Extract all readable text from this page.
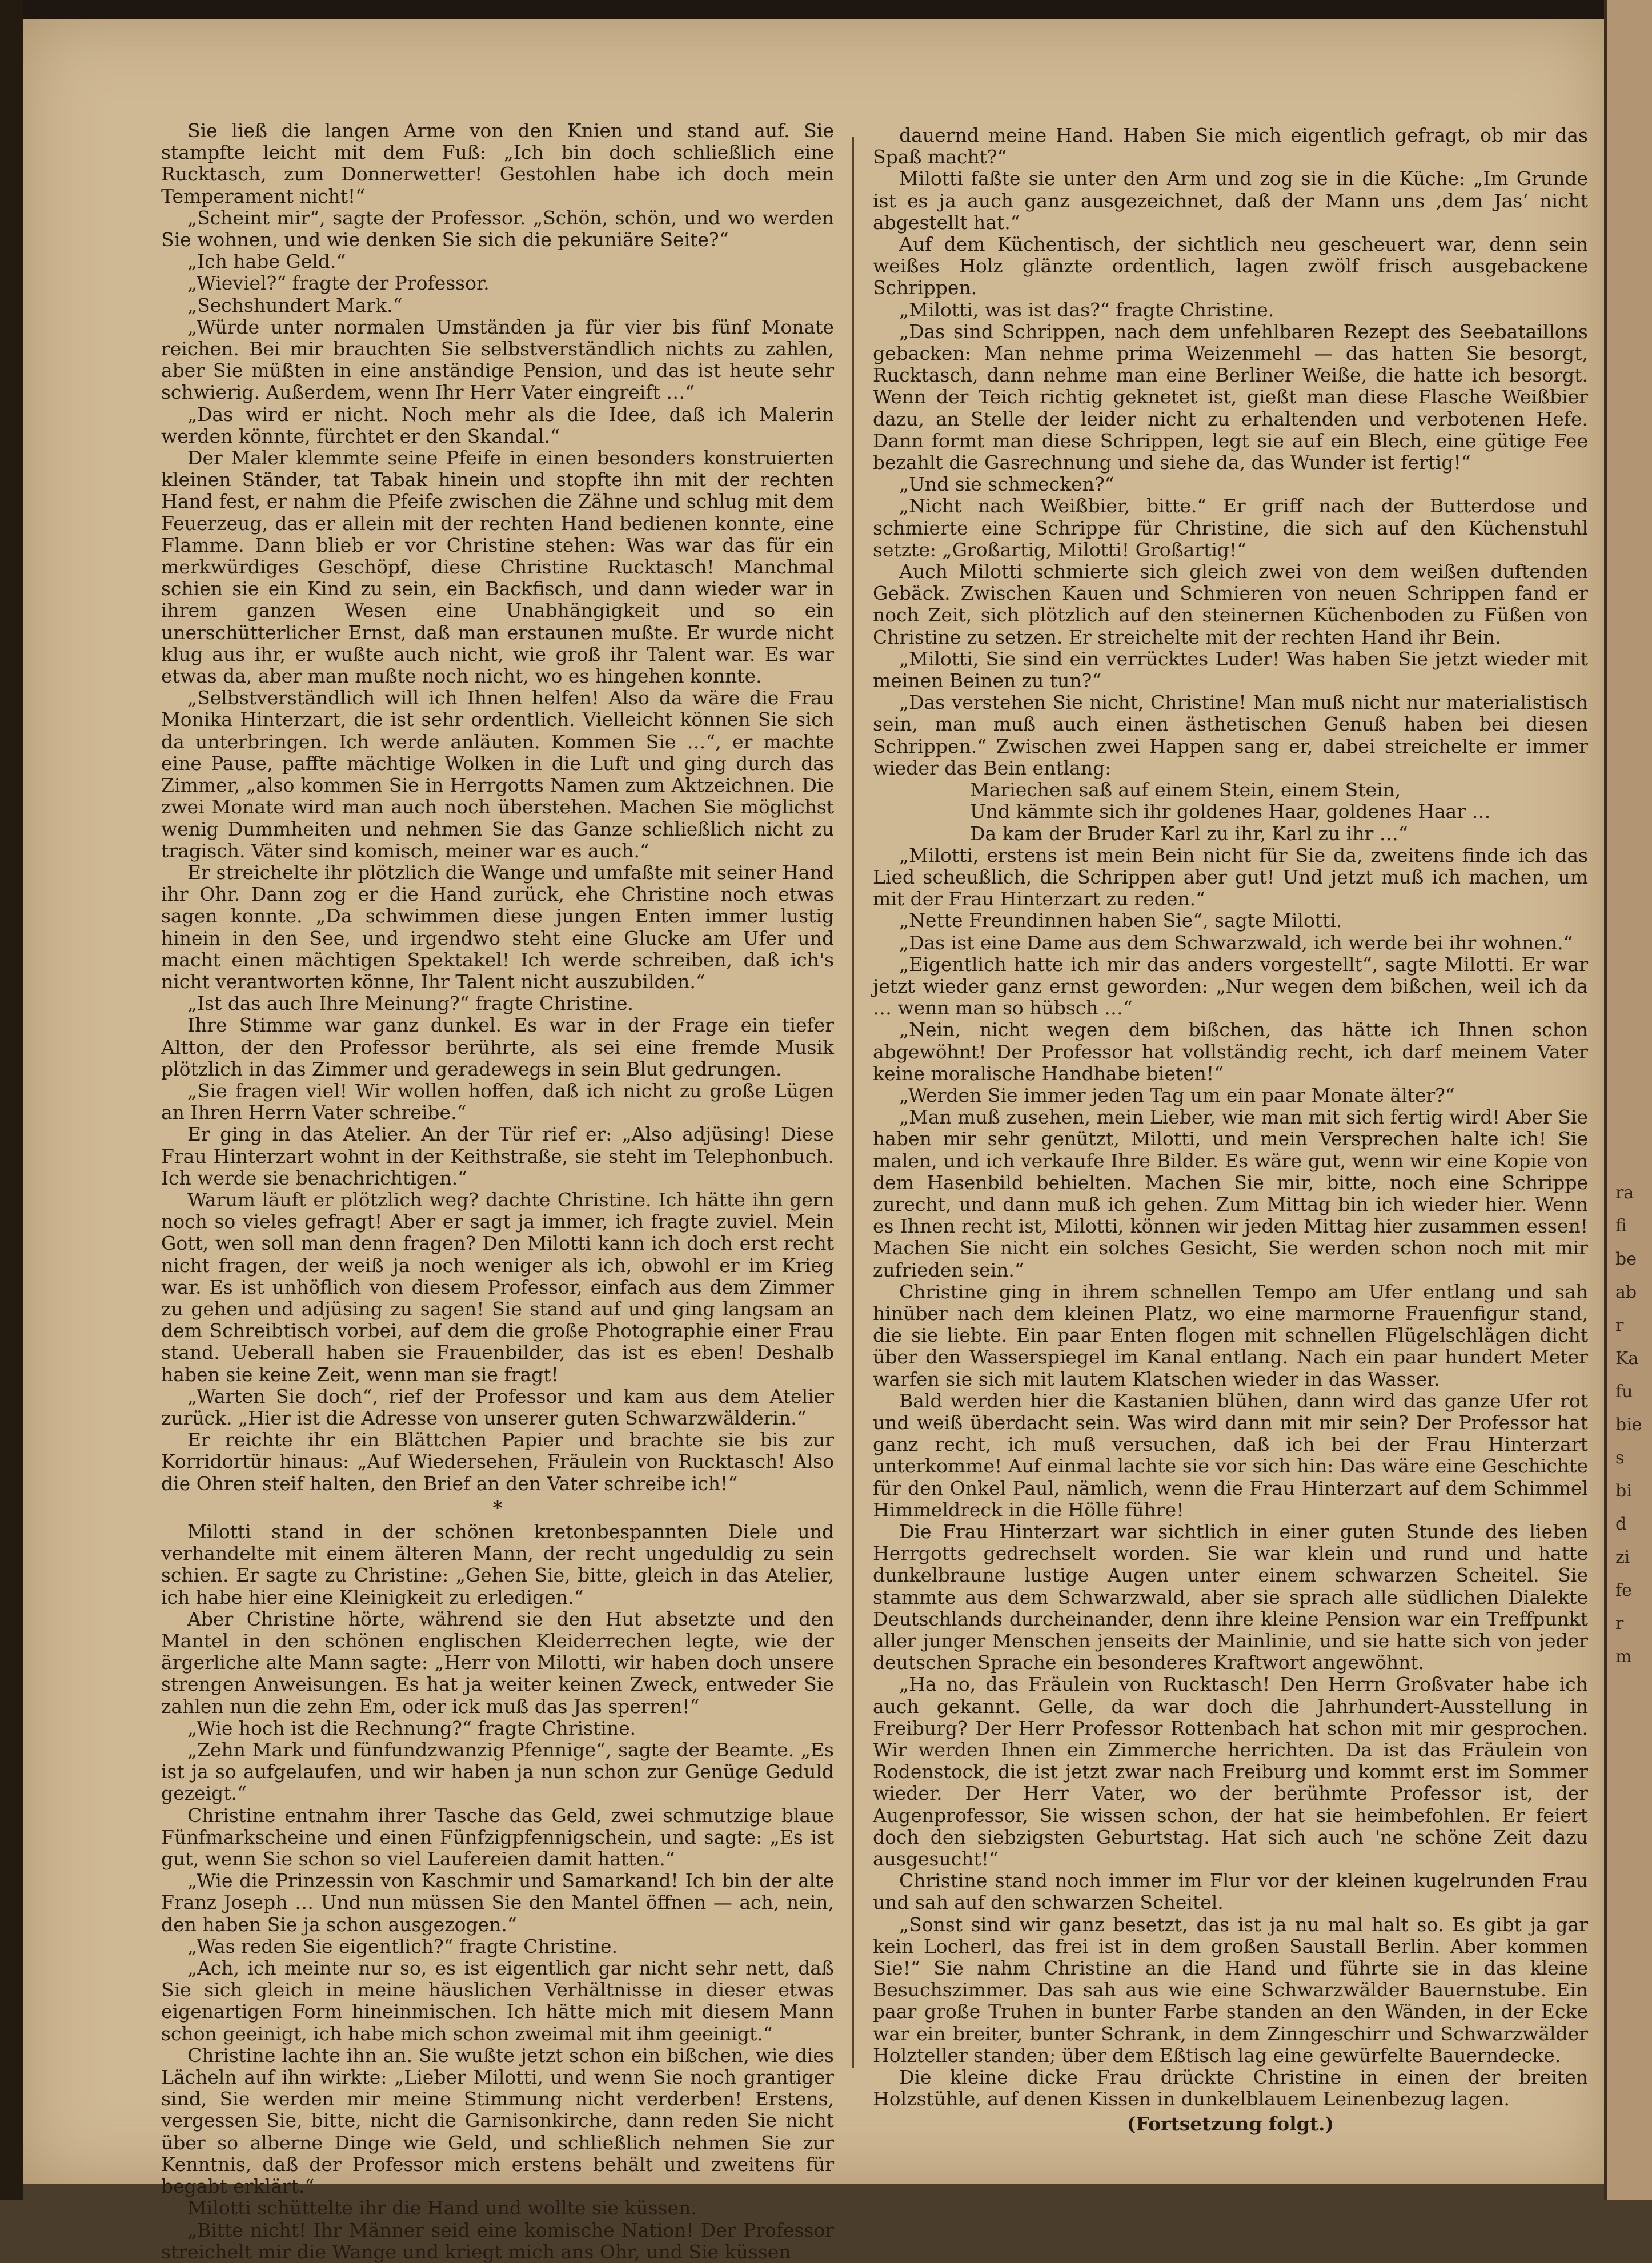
Sie ließ die langen Arme von den Knien und stand auf. Sie stampfte leicht mit dem Fuß: „Ich bin doch schließlich eine Rucktasch, zum Donnerwetter! Gestohlen habe ich doch mein Temperament nicht!“

„Scheint mir“, sagte der Professor. „Schön, schön, und wo werden Sie wohnen, und wie denken Sie sich die pekuniäre Seite?“

„Ich habe Geld.“

„Wieviel?“ fragte der Professor.

„Sechshundert Mark.“

„Würde unter normalen Umständen ja für vier bis fünf Monate reichen. Bei mir brauchten Sie selbstverständlich nichts zu zahlen, aber Sie müßten in eine anständige Pension, und das ist heute sehr schwierig. Außerdem, wenn Ihr Herr Vater eingreift …“

„Das wird er nicht. Noch mehr als die Idee, daß ich Malerin werden könnte, fürchtet er den Skandal.“

Der Maler klemmte seine Pfeife in einen besonders konstruierten kleinen Ständer, tat Tabak hinein und stopfte ihn mit der rechten Hand fest, er nahm die Pfeife zwischen die Zähne und schlug mit dem Feuerzeug, das er allein mit der rechten Hand bedienen konnte, eine Flamme. Dann blieb er vor Christine stehen: Was war das für ein merkwürdiges Geschöpf, diese Christine Rucktasch! Manchmal schien sie ein Kind zu sein, ein Backfisch, und dann wieder war in ihrem ganzen Wesen eine Unabhängigkeit und so ein unerschütterlicher Ernst, daß man erstaunen mußte. Er wurde nicht klug aus ihr, er wußte auch nicht, wie groß ihr Talent war. Es war etwas da, aber man mußte noch nicht, wo es hingehen konnte.

„Selbstverständlich will ich Ihnen helfen! Also da wäre die Frau Monika Hinterzart, die ist sehr ordentlich. Vielleicht können Sie sich da unterbringen. Ich werde anläuten. Kommen Sie …“, er machte eine Pause, paffte mächtige Wolken in die Luft und ging durch das Zimmer, „also kommen Sie in Herrgotts Namen zum Aktzeichnen. Die zwei Monate wird man auch noch überstehen. Machen Sie möglichst wenig Dummheiten und nehmen Sie das Ganze schließlich nicht zu tragisch. Väter sind komisch, meiner war es auch.“

Er streichelte ihr plötzlich die Wange und umfaßte mit seiner Hand ihr Ohr. Dann zog er die Hand zurück, ehe Christine noch etwas sagen konnte. „Da schwimmen diese jungen Enten immer lustig hinein in den See, und irgendwo steht eine Glucke am Ufer und macht einen mächtigen Spektakel! Ich werde schreiben, daß ich's nicht verantworten könne, Ihr Talent nicht auszubilden.“

„Ist das auch Ihre Meinung?“ fragte Christine.

Ihre Stimme war ganz dunkel. Es war in der Frage ein tiefer Altton, der den Professor berührte, als sei eine fremde Musik plötzlich in das Zimmer und geradewegs in sein Blut gedrungen.

„Sie fragen viel! Wir wollen hoffen, daß ich nicht zu große Lügen an Ihren Herrn Vater schreibe.“

Er ging in das Atelier. An der Tür rief er: „Also adjüsing! Diese Frau Hinterzart wohnt in der Keithstraße, sie steht im Telephonbuch. Ich werde sie benachrichtigen.“

Warum läuft er plötzlich weg? dachte Christine. Ich hätte ihn gern noch so vieles gefragt! Aber er sagt ja immer, ich fragte zuviel. Mein Gott, wen soll man denn fragen? Den Milotti kann ich doch erst recht nicht fragen, der weiß ja noch weniger als ich, obwohl er im Krieg war. Es ist unhöflich von diesem Professor, einfach aus dem Zimmer zu gehen und adjüsing zu sagen! Sie stand auf und ging langsam an dem Schreibtisch vorbei, auf dem die große Photographie einer Frau stand. Ueberall haben sie Frauenbilder, das ist es eben! Deshalb haben sie keine Zeit, wenn man sie fragt!

„Warten Sie doch“, rief der Professor und kam aus dem Atelier zurück. „Hier ist die Adresse von unserer guten Schwarzwälderin.“

Er reichte ihr ein Blättchen Papier und brachte sie bis zur Korridortür hinaus: „Auf Wiedersehen, Fräulein von Rucktasch! Also die Ohren steif halten, den Brief an den Vater schreibe ich!“

*

Milotti stand in der schönen kretonbespannten Diele und verhandelte mit einem älteren Mann, der recht ungeduldig zu sein schien. Er sagte zu Christine: „Gehen Sie, bitte, gleich in das Atelier, ich habe hier eine Kleinigkeit zu erledigen.“

Aber Christine hörte, während sie den Hut absetzte und den Mantel in den schönen englischen Kleiderrechen legte, wie der ärgerliche alte Mann sagte: „Herr von Milotti, wir haben doch unsere strengen Anweisungen. Es hat ja weiter keinen Zweck, entweder Sie zahlen nun die zehn Em, oder ick muß das Jas sperren!“

„Wie hoch ist die Rechnung?“ fragte Christine.

„Zehn Mark und fünfundzwanzig Pfennige“, sagte der Beamte. „Es ist ja so aufgelaufen, und wir haben ja nun schon zur Genüge Geduld gezeigt.“

Christine entnahm ihrer Tasche das Geld, zwei schmutzige blaue Fünfmarkscheine und einen Fünfzigpfennigschein, und sagte: „Es ist gut, wenn Sie schon so viel Laufereien damit hatten.“

„Wie die Prinzessin von Kaschmir und Samarkand! Ich bin der alte Franz Joseph … Und nun müssen Sie den Mantel öffnen — ach, nein, den haben Sie ja schon ausgezogen.“

„Was reden Sie eigentlich?“ fragte Christine.

„Ach, ich meinte nur so, es ist eigentlich gar nicht sehr nett, daß Sie sich gleich in meine häuslichen Verhältnisse in dieser etwas eigenartigen Form hineinmischen. Ich hätte mich mit diesem Mann schon geeinigt, ich habe mich schon zweimal mit ihm geeinigt.“

Christine lachte ihn an. Sie wußte jetzt schon ein bißchen, wie dies Lächeln auf ihn wirkte: „Lieber Milotti, und wenn Sie noch grantiger sind, Sie werden mir meine Stimmung nicht verderben! Erstens, vergessen Sie, bitte, nicht die Garnisonkirche, dann reden Sie nicht über so alberne Dinge wie Geld, und schließlich nehmen Sie zur Kenntnis, daß der Professor mich erstens behält und zweitens für begabt erklärt.“

Milotti schüttelte ihr die Hand und wollte sie küssen.

„Bitte nicht! Ihr Männer seid eine komische Nation! Der Professor streichelt mir die Wange und kriegt mich ans Ohr, und Sie küssen

dauernd meine Hand. Haben Sie mich eigentlich gefragt, ob mir das Spaß macht?“

Milotti faßte sie unter den Arm und zog sie in die Küche: „Im Grunde ist es ja auch ganz ausgezeichnet, daß der Mann uns ‚dem Jas‘ nicht abgestellt hat.“

Auf dem Küchentisch, der sichtlich neu gescheuert war, denn sein weißes Holz glänzte ordentlich, lagen zwölf frisch ausgebackene Schrippen.

„Milotti, was ist das?“ fragte Christine.

„Das sind Schrippen, nach dem unfehlbaren Rezept des Seebataillons gebacken: Man nehme prima Weizenmehl — das hatten Sie besorgt, Rucktasch, dann nehme man eine Berliner Weiße, die hatte ich besorgt. Wenn der Teich richtig geknetet ist, gießt man diese Flasche Weißbier dazu, an Stelle der leider nicht zu erhaltenden und verbotenen Hefe. Dann formt man diese Schrippen, legt sie auf ein Blech, eine gütige Fee bezahlt die Gasrechnung und siehe da, das Wunder ist fertig!“

„Und sie schmecken?“

„Nicht nach Weißbier, bitte.“ Er griff nach der Butterdose und schmierte eine Schrippe für Christine, die sich auf den Küchenstuhl setzte: „Großartig, Milotti! Großartig!“

Auch Milotti schmierte sich gleich zwei von dem weißen duftenden Gebäck. Zwischen Kauen und Schmieren von neuen Schrippen fand er noch Zeit, sich plötzlich auf den steinernen Küchenboden zu Füßen von Christine zu setzen. Er streichelte mit der rechten Hand ihr Bein.

„Milotti, Sie sind ein verrücktes Luder! Was haben Sie jetzt wieder mit meinen Beinen zu tun?“

„Das verstehen Sie nicht, Christine! Man muß nicht nur materialistisch sein, man muß auch einen ästhetischen Genuß haben bei diesen Schrippen.“ Zwischen zwei Happen sang er, dabei streichelte er immer wieder das Bein entlang:

Mariechen saß auf einem Stein, einem Stein,
Und kämmte sich ihr goldenes Haar, goldenes Haar …
Da kam der Bruder Karl zu ihr, Karl zu ihr …“

„Milotti, erstens ist mein Bein nicht für Sie da, zweitens finde ich das Lied scheußlich, die Schrippen aber gut! Und jetzt muß ich machen, um mit der Frau Hinterzart zu reden.“

„Nette Freundinnen haben Sie“, sagte Milotti.

„Das ist eine Dame aus dem Schwarzwald, ich werde bei ihr wohnen.“

„Eigentlich hatte ich mir das anders vorgestellt“, sagte Milotti. Er war jetzt wieder ganz ernst geworden: „Nur wegen dem bißchen, weil ich da … wenn man so hübsch …“

„Nein, nicht wegen dem bißchen, das hätte ich Ihnen schon abgewöhnt! Der Professor hat vollständig recht, ich darf meinem Vater keine moralische Handhabe bieten!“

„Werden Sie immer jeden Tag um ein paar Monate älter?“

„Man muß zusehen, mein Lieber, wie man mit sich fertig wird! Aber Sie haben mir sehr genützt, Milotti, und mein Versprechen halte ich! Sie malen, und ich verkaufe Ihre Bilder. Es wäre gut, wenn wir eine Kopie von dem Hasenbild behielten. Machen Sie mir, bitte, noch eine Schrippe zurecht, und dann muß ich gehen. Zum Mittag bin ich wieder hier. Wenn es Ihnen recht ist, Milotti, können wir jeden Mittag hier zusammen essen! Machen Sie nicht ein solches Gesicht, Sie werden schon noch mit mir zufrieden sein.“

Christine ging in ihrem schnellen Tempo am Ufer entlang und sah hinüber nach dem kleinen Platz, wo eine marmorne Frauenfigur stand, die sie liebte. Ein paar Enten flogen mit schnellen Flügelschlägen dicht über den Wasserspiegel im Kanal entlang. Nach ein paar hundert Meter warfen sie sich mit lautem Klatschen wieder in das Wasser.

Bald werden hier die Kastanien blühen, dann wird das ganze Ufer rot und weiß überdacht sein. Was wird dann mit mir sein? Der Professor hat ganz recht, ich muß versuchen, daß ich bei der Frau Hinterzart unterkomme! Auf einmal lachte sie vor sich hin: Das wäre eine Geschichte für den Onkel Paul, nämlich, wenn die Frau Hinterzart auf dem Schimmel Himmeldreck in die Hölle führe!

Die Frau Hinterzart war sichtlich in einer guten Stunde des lieben Herrgotts gedrechselt worden. Sie war klein und rund und hatte dunkelbraune lustige Augen unter einem schwarzen Scheitel. Sie stammte aus dem Schwarzwald, aber sie sprach alle südlichen Dialekte Deutschlands durcheinander, denn ihre kleine Pension war ein Treffpunkt aller junger Menschen jenseits der Mainlinie, und sie hatte sich von jeder deutschen Sprache ein besonderes Kraftwort angewöhnt.

„Ha no, das Fräulein von Rucktasch! Den Herrn Großvater habe ich auch gekannt. Gelle, da war doch die Jahrhundert-Ausstellung in Freiburg? Der Herr Professor Rottenbach hat schon mit mir gesprochen. Wir werden Ihnen ein Zimmerche herrichten. Da ist das Fräulein von Rodenstock, die ist jetzt zwar nach Freiburg und kommt erst im Sommer wieder. Der Herr Vater, wo der berühmte Professor ist, der Augenprofessor, Sie wissen schon, der hat sie heimbefohlen. Er feiert doch den siebzigsten Geburtstag. Hat sich auch 'ne schöne Zeit dazu ausgesucht!“

Christine stand noch immer im Flur vor der kleinen kugelrunden Frau und sah auf den schwarzen Scheitel.

„Sonst sind wir ganz besetzt, das ist ja nu mal halt so. Es gibt ja gar kein Locherl, das frei ist in dem großen Saustall Berlin. Aber kommen Sie!“ Sie nahm Christine an die Hand und führte sie in das kleine Besuchszimmer. Das sah aus wie eine Schwarzwälder Bauernstube. Ein paar große Truhen in bunter Farbe standen an den Wänden, in der Ecke war ein breiter, bunter Schrank, in dem Zinngeschirr und Schwarzwälder Holzteller standen; über dem Eßtisch lag eine gewürfelte Bauerndecke.

Die kleine dicke Frau drückte Christine in einen der breiten Holzstühle, auf denen Kissen in dunkelblauem Leinenbezug lagen.

(Fortsetzung folgt.)

ra
fi
be
ab
r
Ka
fu
bie
s
bi
d
zi
fe
r
m
